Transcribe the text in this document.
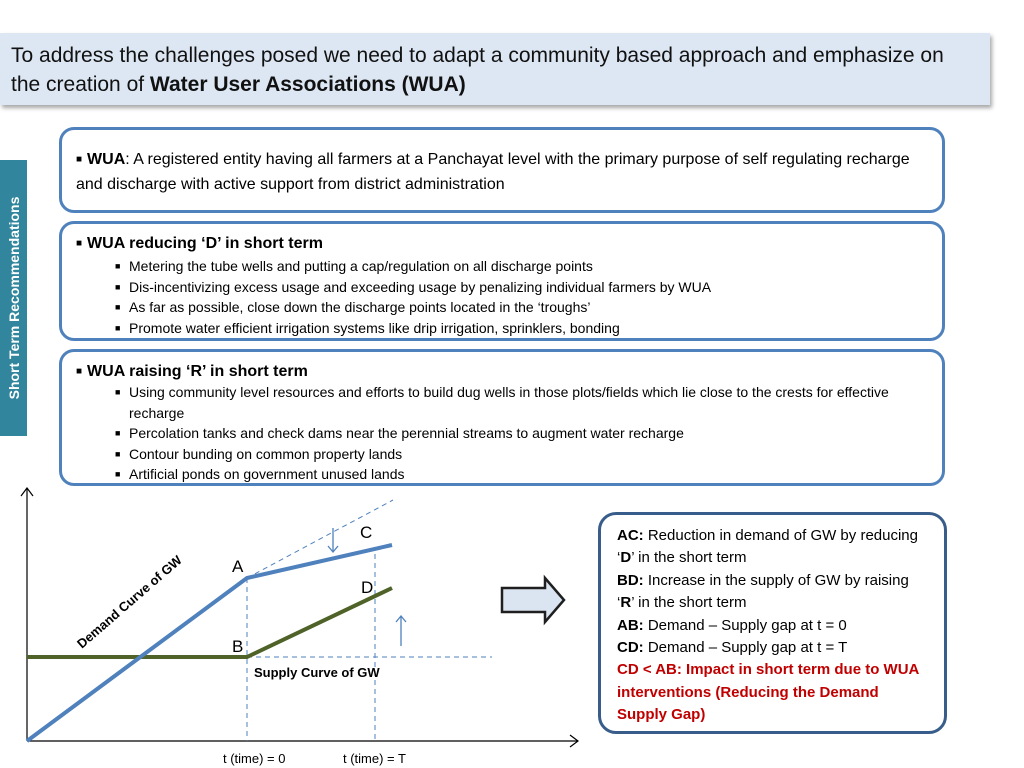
To address the challenges posed we need to adapt a community based approach and emphasize on the creation of Water User Associations (WUA)
Short Term Recommendations
■ WUA: A registered entity having all farmers at a Panchayat level with the primary purpose of self regulating recharge and discharge with active support from district administration
■ WUA reducing ‘D’ in short term
■ Metering the tube wells and putting a cap/regulation on all discharge points
■ Dis-incentivizing excess usage and exceeding usage by penalizing individual farmers by WUA
■ As far as possible, close down the discharge points located in the ‘troughs’
■ Promote water efficient irrigation systems like drip irrigation, sprinklers, bonding
■ WUA raising ‘R’ in short term
■ Using community level resources and efforts to build dug wells in those plots/fields which lie close to the crests for effective recharge
■ Percolation tanks and check dams near the perennial streams to augment water recharge
■ Contour bunding on common property lands
■ Artificial ponds on government unused lands
A
C
D
B
Demand Curve of GW
Supply Curve of GW
t (time) = 0	t (time) = T
AC: Reduction in demand of GW by reducing ‘D’ in the short term
BD: Increase in the supply of GW by raising ‘R’ in the short term
AB: Demand – Supply gap at t = 0
CD: Demand – Supply gap at t = T
CD < AB: Impact in short term due to WUA interventions (Reducing the Demand Supply Gap)
